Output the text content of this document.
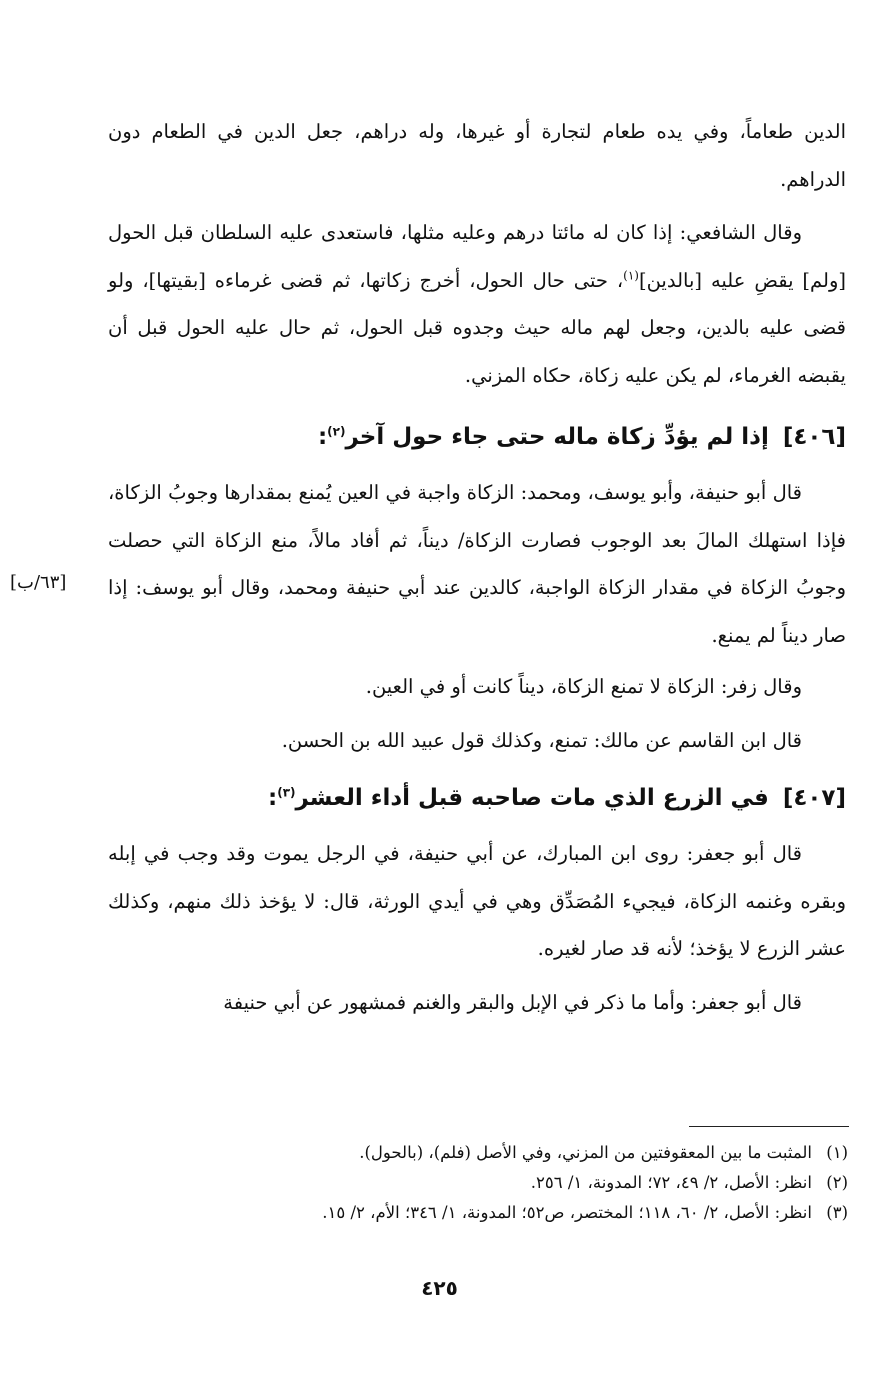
الدين طعاماً، وفي يده طعام لتجارة أو غيرها، وله دراهم، جعل الدين في الطعام دون الدراهم.

وقال الشافعي: إذا كان له مائتا درهم وعليه مثلها، فاستعدى عليه السلطان قبل الحول [ولم] يقضِ عليه [بالدين]$^{(١)}$، حتى حال الحول، أخرج زكاتها، ثم قضى غرماءه [بقيتها]، ولو قضى عليه بالدين، وجعل لهم ماله حيث وجدوه قبل الحول، ثم حال عليه الحول قبل أن يقبضه الغرماء، لم يكن عليه زكاة، حكاه المزني.

[٤٠٦]إذا لم يؤدِّ زكاة ماله حتى جاء حول آخر$^{(٢)}$:

قال أبو حنيفة، وأبو يوسف، ومحمد: الزكاة واجبة في العين يُمنع بمقدارها وجوبُ الزكاة، فإذا استهلك المالَ بعد الوجوب فصارت الزكاة/ ديناً، ثم أفاد مالاً، منع الزكاة التي حصلت وجوبُ الزكاة في مقدار الزكاة الواجبة، كالدين عند أبي حنيفة ومحمد، وقال أبو يوسف: إذا صار ديناً لم يمنع.

وقال زفر: الزكاة لا تمنع الزكاة، ديناً كانت أو في العين.

قال ابن القاسم عن مالك: تمنع، وكذلك قول عبيد الله بن الحسن.

[٤٠٧]في الزرع الذي مات صاحبه قبل أداء العشر$^{(٣)}$:

قال أبو جعفر: روى ابن المبارك، عن أبي حنيفة، في الرجل يموت وقد وجب في إبله وبقره وغنمه الزكاة، فيجيء المُصَدِّق وهي في أيدي الورثة، قال: لا يؤخذ ذلك منهم، وكذلك عشر الزرع لا يؤخذ؛ لأنه قد صار لغيره.

قال أبو جعفر: وأما ما ذكر في الإبل والبقر والغنم فمشهور عن أبي حنيفة

[٦٣/ب]

(١)المثبت ما بين المعقوفتين من المزني، وفي الأصل (فلم)، (بالحول).

(٢)انظر: الأصل، ٢/ ٤٩، ٧٢؛ المدونة، ١/ ٢٥٦.

(٣)انظر: الأصل، ٢/ ٦٠، ١١٨؛ المختصر، ص٥٢؛ المدونة، ١/ ٣٤٦؛ الأم، ٢/ ١٥.

٤٢٥
